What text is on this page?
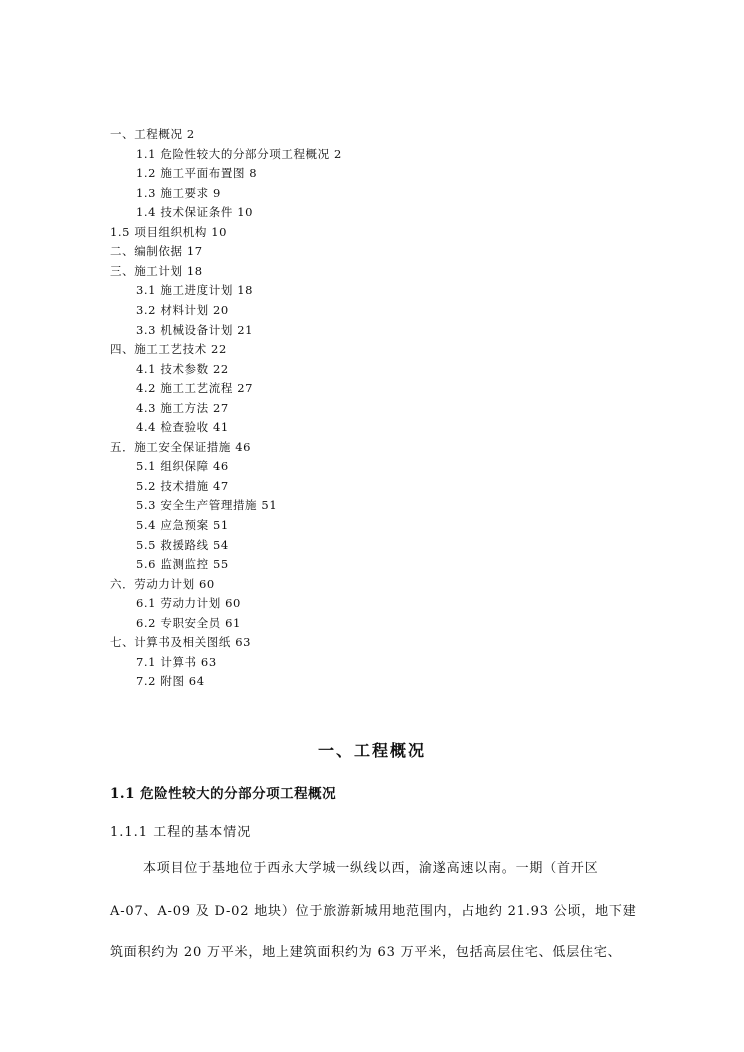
一、工程概况 2
1.1 危险性较大的分部分项工程概况 2
1.2 施工平面布置图 8
1.3 施工要求 9
1.4 技术保证条件 10
1.5 项目组织机构 10
二、编制依据 17
三、施工计划 18
3.1 施工进度计划 18
3.2 材料计划 20
3.3 机械设备计划 21
四、施工工艺技术 22
4.1 技术参数 22
4.2 施工工艺流程 27
4.3 施工方法 27
4.4 检查验收 41
五．施工安全保证措施 46
5.1 组织保障 46
5.2 技术措施 47
5.3 安全生产管理措施 51
5.4 应急预案 51
5.5 救援路线 54
5.6 监测监控 55
六．劳动力计划 60
6.1 劳动力计划 60
6.2 专职安全员 61
七、计算书及相关图纸 63
7.1 计算书 63
7.2 附图 64
一、工程概况
1.1 危险性较大的分部分项工程概况
1.1.1 工程的基本情况
本项目位于基地位于西永大学城一纵线以西，渝遂高速以南。一期（首开区
A-07、A-09 及 D-02 地块）位于旅游新城用地范围内，占地约 21.93 公顷，地下建
筑面积约为 20 万平米，地上建筑面积约为 63 万平米，包括高层住宅、低层住宅、
